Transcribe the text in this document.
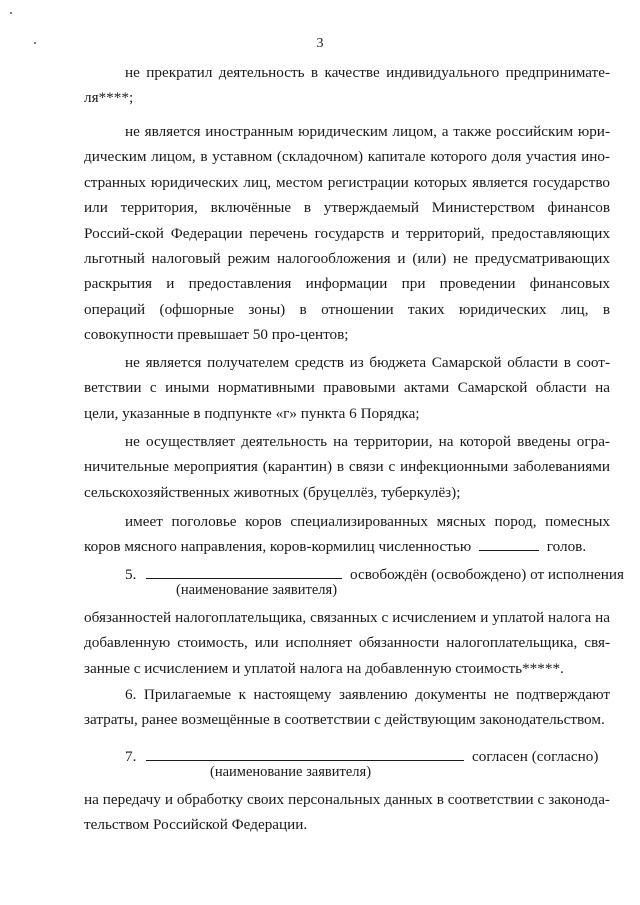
3

не прекратил деятельность в качестве индивидуального предпринимате-ля****;

не является иностранным юридическим лицом, а также российским юри-дическим лицом, в уставном (складочном) капитале которого доля участия ино-странных юридических лиц, местом регистрации которых является государство или территория, включённые в утверждаемый Министерством финансов Россий-ской Федерации перечень государств и территорий, предоставляющих льготный налоговый режим налогообложения и (или) не предусматривающих раскрытия и предоставления информации при проведении финансовых операций (офшорные зоны) в отношении таких юридических лиц, в совокупности превышает 50 про-центов;

не является получателем средств из бюджета Самарской области в соот-ветствии с иными нормативными правовыми актами Самарской области на цели, указанные в подпункте «г» пункта 6 Порядка;

не осуществляет деятельность на территории, на которой введены огра-ничительные мероприятия (карантин) в связи с инфекционными заболеваниями сельскохозяйственных животных (бруцеллёз, туберкулёз);

имеет поголовье коров специализированных мясных пород, помесных

коров мясного направления, коров-кормилиц численностью	голов.
5.	освобождён (освобождено) от исполнения
(наименование заявителя)

обязанностей налогоплательщика, связанных с исчислением и уплатой налога на добавленную стоимость, или исполняет обязанности налогоплательщика, свя-занные с исчислением и уплатой налога на добавленную стоимость*****.

6. Прилагаемые к настоящему заявлению документы не подтверждают затраты, ранее возмещённые в соответствии с действующим законодательством.

7.	согласен (согласно)
(наименование заявителя)

на передачу и обработку своих персональных данных в соответствии с законода-тельством Российской Федерации.
